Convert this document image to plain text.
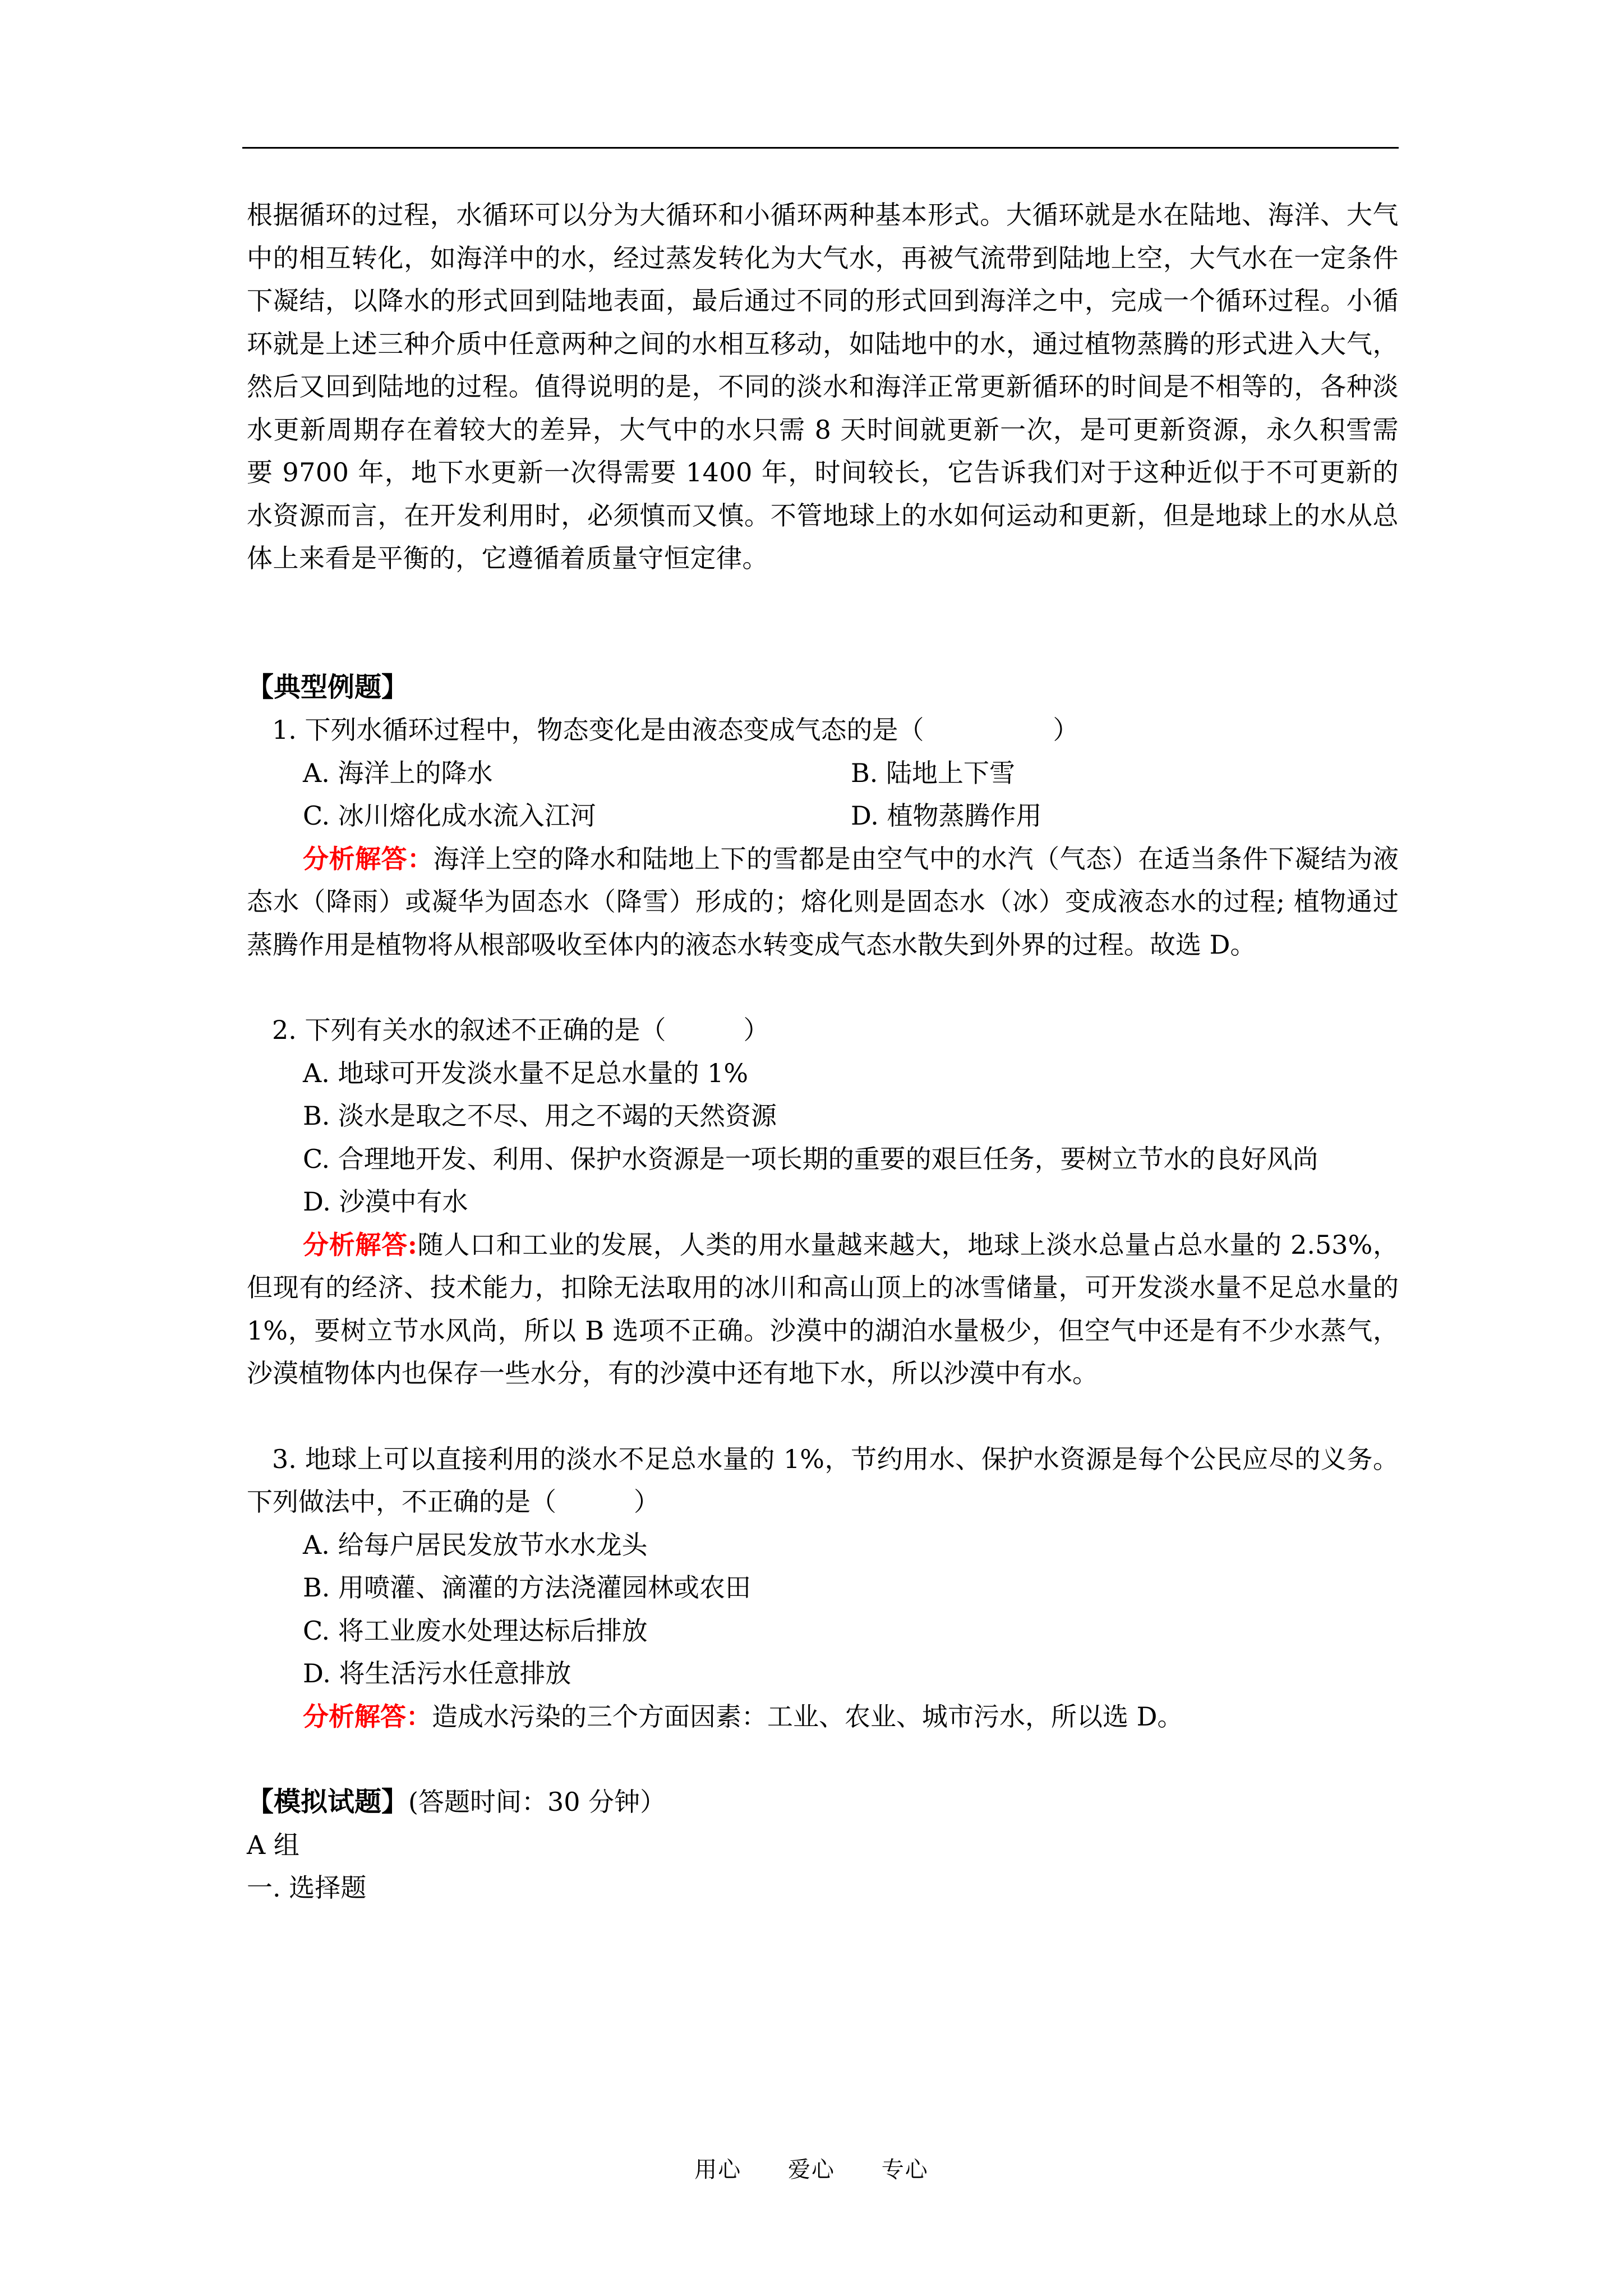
根据循环的过程，水循环可以分为大循环和小循环两种基本形式。大循环就是水在陆地、海洋、大气中的相互转化，如海洋中的水，经过蒸发转化为大气水，再被气流带到陆地上空，大气水在一定条件下凝结，以降水的形式回到陆地表面，最后通过不同的形式回到海洋之中，完成一个循环过程。小循环就是上述三种介质中任意两种之间的水相互移动，如陆地中的水，通过植物蒸腾的形式进入大气，然后又回到陆地的过程。值得说明的是，不同的淡水和海洋正常更新循环的时间是不相等的，各种淡水更新周期存在着较大的差异，大气中的水只需 8 天时间就更新一次，是可更新资源，永久积雪需要 9700 年，地下水更新一次得需要 1400 年，时间较长，它告诉我们对于这种近似于不可更新的水资源而言，在开发利用时，必须慎而又慎。不管地球上的水如何运动和更新，但是地球上的水从总体上来看是平衡的，它遵循着质量守恒定律。

【典型例题】

1. 下列水循环过程中，物态变化是由液态变成气态的是（　　　　　）

A. 海洋上的降水	B. 陆地上下雪
C. 冰川熔化成水流入江河	D. 植物蒸腾作用

分析解答：海洋上空的降水和陆地上下的雪都是由空气中的水汽（气态）在适当条件下凝结为液态水（降雨）或凝华为固态水（降雪）形成的；熔化则是固态水（冰）变成液态水的过程; 植物通过蒸腾作用是植物将从根部吸收至体内的液态水转变成气态水散失到外界的过程。故选 D。

2. 下列有关水的叙述不正确的是（　　　）

A. 地球可开发淡水量不足总水量的 1%

B. 淡水是取之不尽、用之不竭的天然资源

C. 合理地开发、利用、保护水资源是一项长期的重要的艰巨任务，要树立节水的良好风尚

D. 沙漠中有水

分析解答:随人口和工业的发展，人类的用水量越来越大，地球上淡水总量占总水量的 2.53%，但现有的经济、技术能力，扣除无法取用的冰川和高山顶上的冰雪储量，可开发淡水量不足总水量的 1%，要树立节水风尚，所以 B 选项不正确。沙漠中的湖泊水量极少，但空气中还是有不少水蒸气，沙漠植物体内也保存一些水分，有的沙漠中还有地下水，所以沙漠中有水。

3. 地球上可以直接利用的淡水不足总水量的 1%，节约用水、保护水资源是每个公民应尽的义务。下列做法中，不正确的是（　　　）

A. 给每户居民发放节水水龙头

B. 用喷灌、滴灌的方法浇灌园林或农田

C. 将工业废水处理达标后排放

D. 将生活污水任意排放

分析解答：造成水污染的三个方面因素：工业、农业、城市污水，所以选 D。

【模拟试题】(答题时间：30 分钟）

A 组

一. 选择题

用心 爱心 专心
